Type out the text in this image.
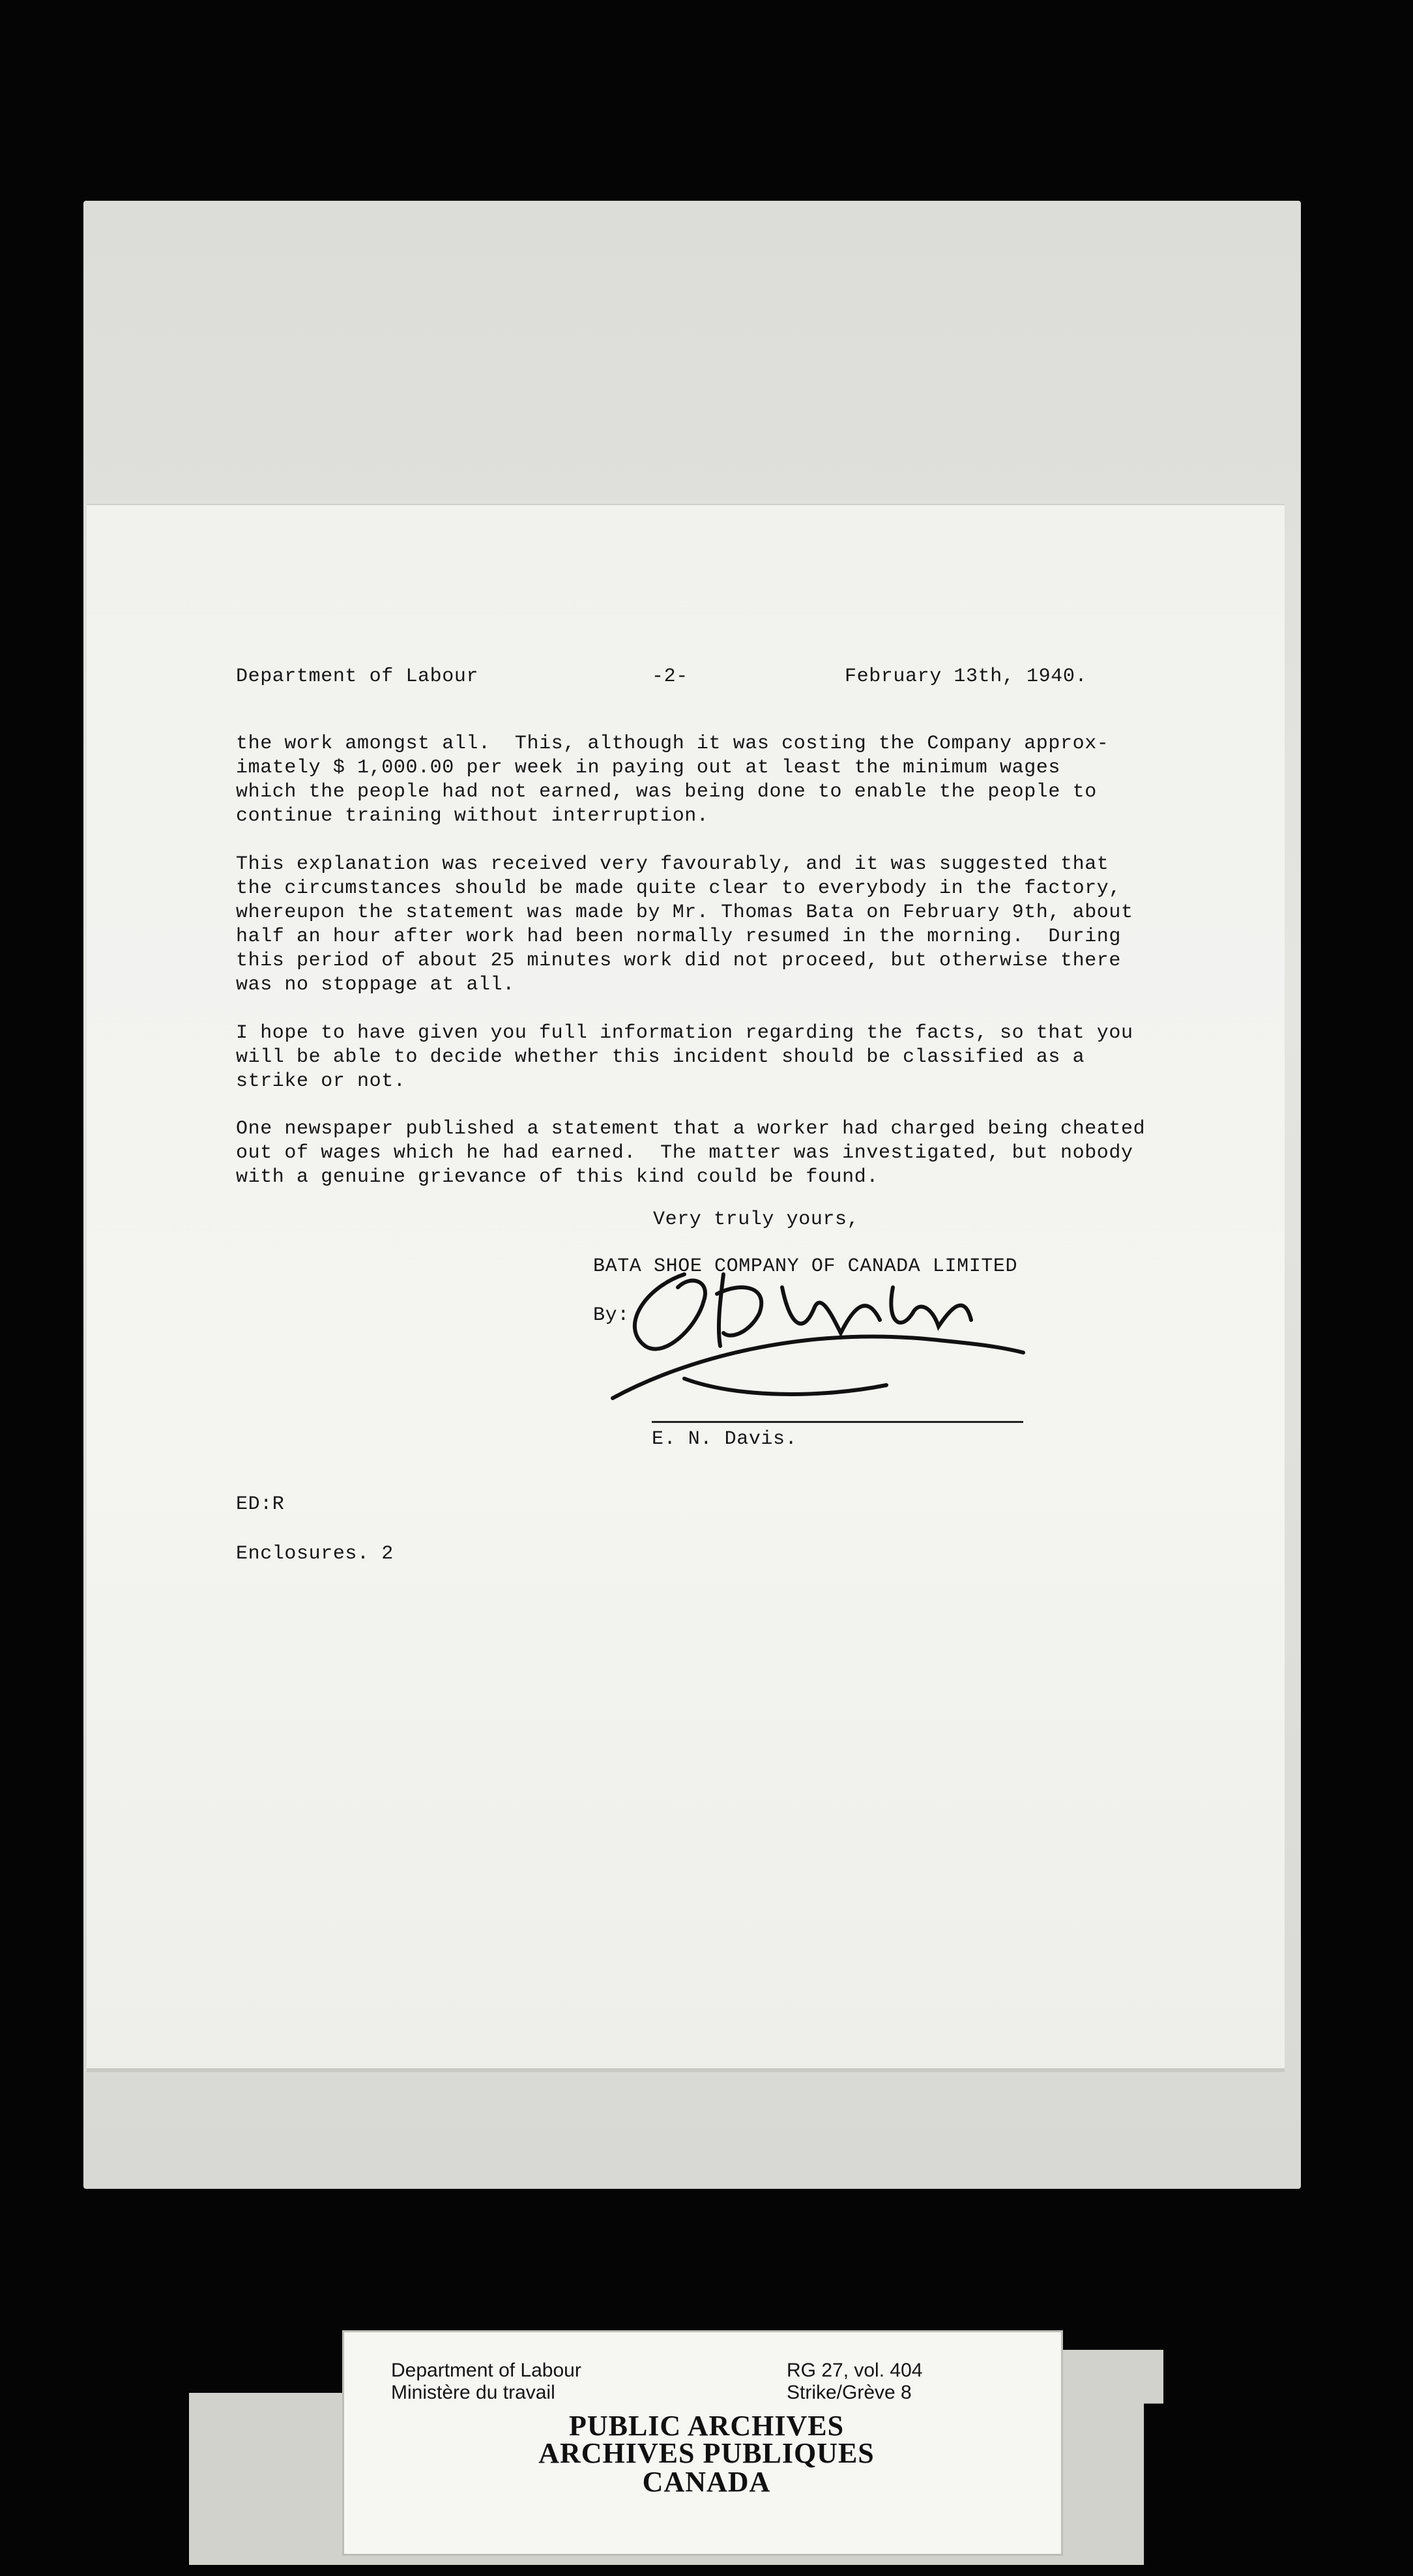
Department of Labour	-2-	February 13th, 1940.
the work amongst all.  This, although it was costing the Company approx-
imately $ 1,000.00 per week in paying out at least the minimum wages
which the people had not earned, was being done to enable the people to
continue training without interruption.
This explanation was received very favourably, and it was suggested that
the circumstances should be made quite clear to everybody in the factory,
whereupon the statement was made by Mr. Thomas Bata on February 9th, about
half an hour after work had been normally resumed in the morning.  During
this period of about 25 minutes work did not proceed, but otherwise there
was no stoppage at all.
I hope to have given you full information regarding the facts, so that you
will be able to decide whether this incident should be classified as a
strike or not.
One newspaper published a statement that a worker had charged being cheated
out of wages which he had earned.  The matter was investigated, but nobody
with a genuine grievance of this kind could be found.
Very truly yours,
BATA SHOE COMPANY OF CANADA LIMITED
By:
E. N. Davis.
ED:R
Enclosures. 2
Department of Labour
Ministère du travail
RG 27, vol. 404
Strike/Grève 8
PUBLIC ARCHIVES
ARCHIVES PUBLIQUES
CANADA
